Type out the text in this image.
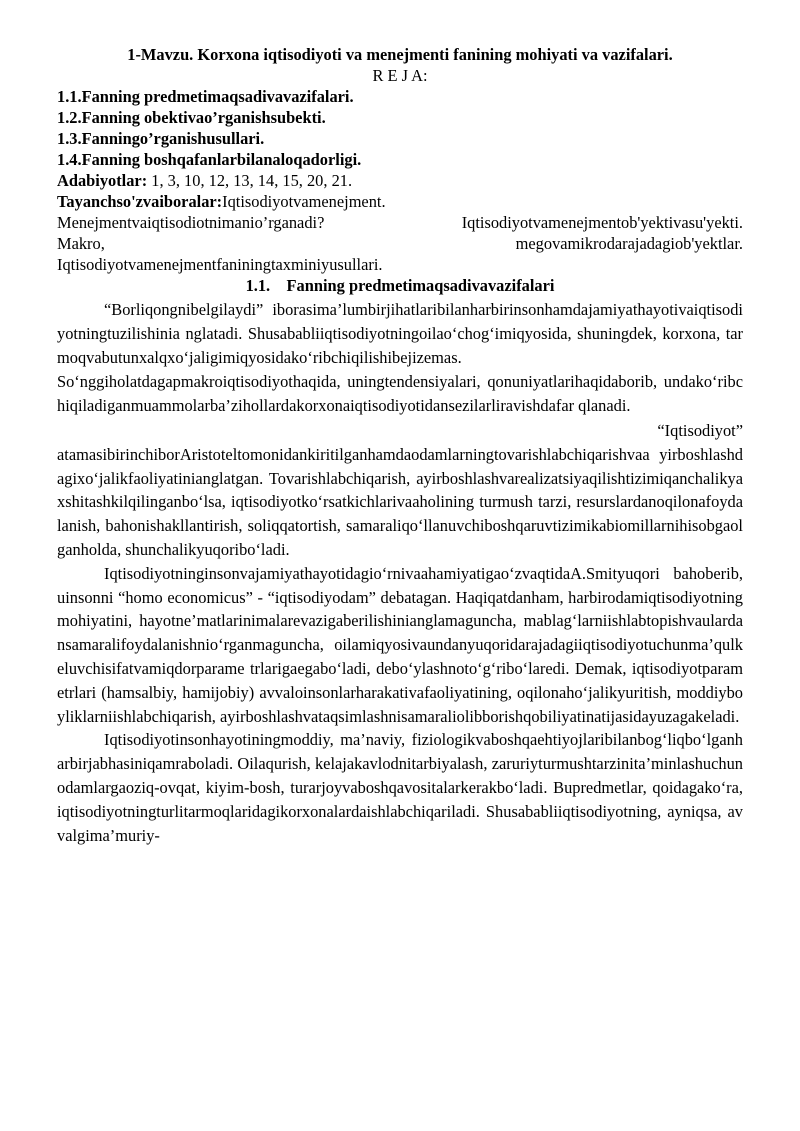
1-Mavzu. Korxona iqtisodiyoti va menejmenti fanining mohiyati va vazifalari.
R E J A:
1.1.Fanning predmetimaqsadivavazifalari.
1.2.Fanning obektivao’rganishsubekti.
1.3.Fanningo’rganishusullari.
1.4.Fanning boshqafanlarbilanaloqadorligi.
Adabiyotlar: 1, 3, 10, 12, 13, 14, 15, 20, 21.
Tayanchso'zvaiboralar:Iqtisodiyotvamenejment.
Menejmentvaiqtisodiotnimanio’rganadi?	Iqtisodiyotvamenejmentob'yektivasu'yekti.
Makro,	megovamikrodarajadagiob'yektlar.
Iqtisodiyotvamenejmentfaniningtaxminiyusullari.
1.1. Fanning predmetimaqsadivavazifalari
“Borliqongnibelgilaydi” iborasima’lumbirjihatlaribilanharbirinsonhamdajamiyathayotivaiqtisodiyotningtuzilishinia nglatadi. Shusababliiqtisodiyotningoilao‘chog‘imiqyosida, shuningdek, korxona, tarmoqvabutunxalqxo‘jaligimiqyosidako‘ribchiqilishibejizemas.
So‘nggiholatdagapmakroiqtisodiyothaqida, uningtendensiyalari, qonuniyatlarihaqidaborib, undako‘ribchiqiladiganmuammolarba’zihollardakorxonaiqtisodiyotidansezilarliravishdafar qlanadi.
“Iqtisodiyot”
atamasibirinchiborAristoteltomonidankiritilganhamdaodamlarningtovarishlabchiqarishvaa yirboshlashdagixo‘jalikfaoliyatinianglatgan. Tovarishlabchiqarish, ayirboshlashvarealizatsiyaqilishtizimiqanchalikyaxshitashkilqilinganbo‘lsa, iqtisodiyotko‘rsatkichlarivaaholining turmush tarzi, resurslardanoqilonafoydalanish, bahonishakllantirish, soliqqatortish, samaraliqo‘llanuvchiboshqaruvtizimikabiomillarnihisobgaolganholda, shunchalikyuqoribo‘ladi.
Iqtisodiyotninginsonvajamiyathayotidagio‘rnivaahamiyatigao‘zvaqtidaA.Smityuqori bahoberib, uinsonni “homo economicus” - “iqtisodiyodam” debatagan. Haqiqatdanham, harbirodamiqtisodiyotningmohiyatini, hayotne’matlarinimalarevazigaberilishinianglamaguncha, mablag‘larniishlabtopishvaulardansamaralifoydalanishnio‘rganmaguncha, oilamiqyosivaundanyuqoridarajadagiiqtisodiyotuchunma’qulkeluvchisifatvamiqdorparame trlarigaegabo‘ladi, debo‘ylashnoto‘g‘ribo‘laredi. Demak, iqtisodiyotparametrlari (hamsalbiy, hamijobiy) avvaloinsonlarharakativafaoliyatining, oqilonaho‘jalikyuritish, moddiyboyliklarniishlabchiqarish, ayirboshlashvataqsimlashnisamaraliolibborishqobiliyatinatijasidayuzagakeladi.
Iqtisodiyotinsonhayotiningmoddiy, ma’naviy, fiziologikvaboshqaehtiyojlaribilanbog‘liqbo‘lganharbirjabhasiniqamraboladi. Oilaqurish, kelajakavlodnitarbiyalash, zaruriyturmushtarzinita’minlashuchunodamlargaoziq-ovqat, kiyim-bosh, turarjoyvaboshqavositalarkerakbo‘ladi. Bupredmetlar, qoidagako‘ra, iqtisodiyotningturlitarmoqlaridagikorxonalardaishlabchiqariladi. Shusababliiqtisodiyotning, ayniqsa, avvalgima’muriy-
